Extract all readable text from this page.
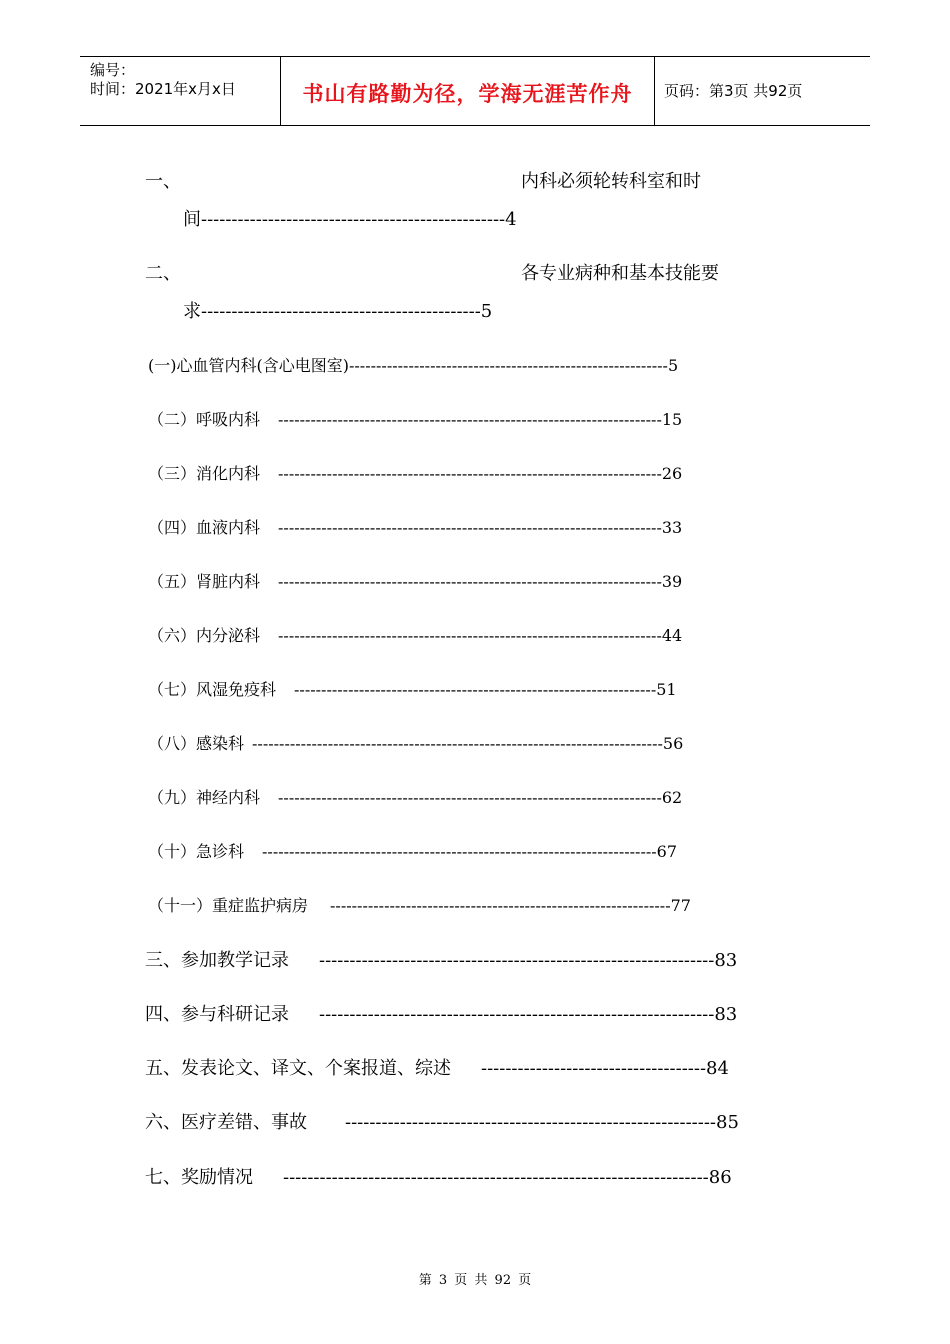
编号：
时间：2021年x月x日	书山有路勤为径，学海无涯苦作舟	页码：第3页 共92页
一、	内科必须轮转科室和时
间--------------------------------------------------4
二、	各专业病种和基本技能要
求----------------------------------------------5
(一)心血管内科(含心电图室)-----------------------------------------------------------5
（二）呼吸内科 -----------------------------------------------------------------------15
（三）消化内科 -----------------------------------------------------------------------26
（四）血液内科 -----------------------------------------------------------------------33
（五）肾脏内科 -----------------------------------------------------------------------39
（六）内分泌科 -----------------------------------------------------------------------44
（七）风湿免疫科 -------------------------------------------------------------------51
（八）感染科 ----------------------------------------------------------------------------56
（九）神经内科 -----------------------------------------------------------------------62
（十）急诊科 -------------------------------------------------------------------------67
（十一）重症监护病房 ---------------------------------------------------------------77
三、参加教学记录 -----------------------------------------------------------------83
四、参与科研记录 -----------------------------------------------------------------83
五、发表论文、译文、个案报道、综述 -------------------------------------84
六、医疗差错、事故 -------------------------------------------------------------85
七、奖励情况 ----------------------------------------------------------------------86
第 3 页 共 92 页
